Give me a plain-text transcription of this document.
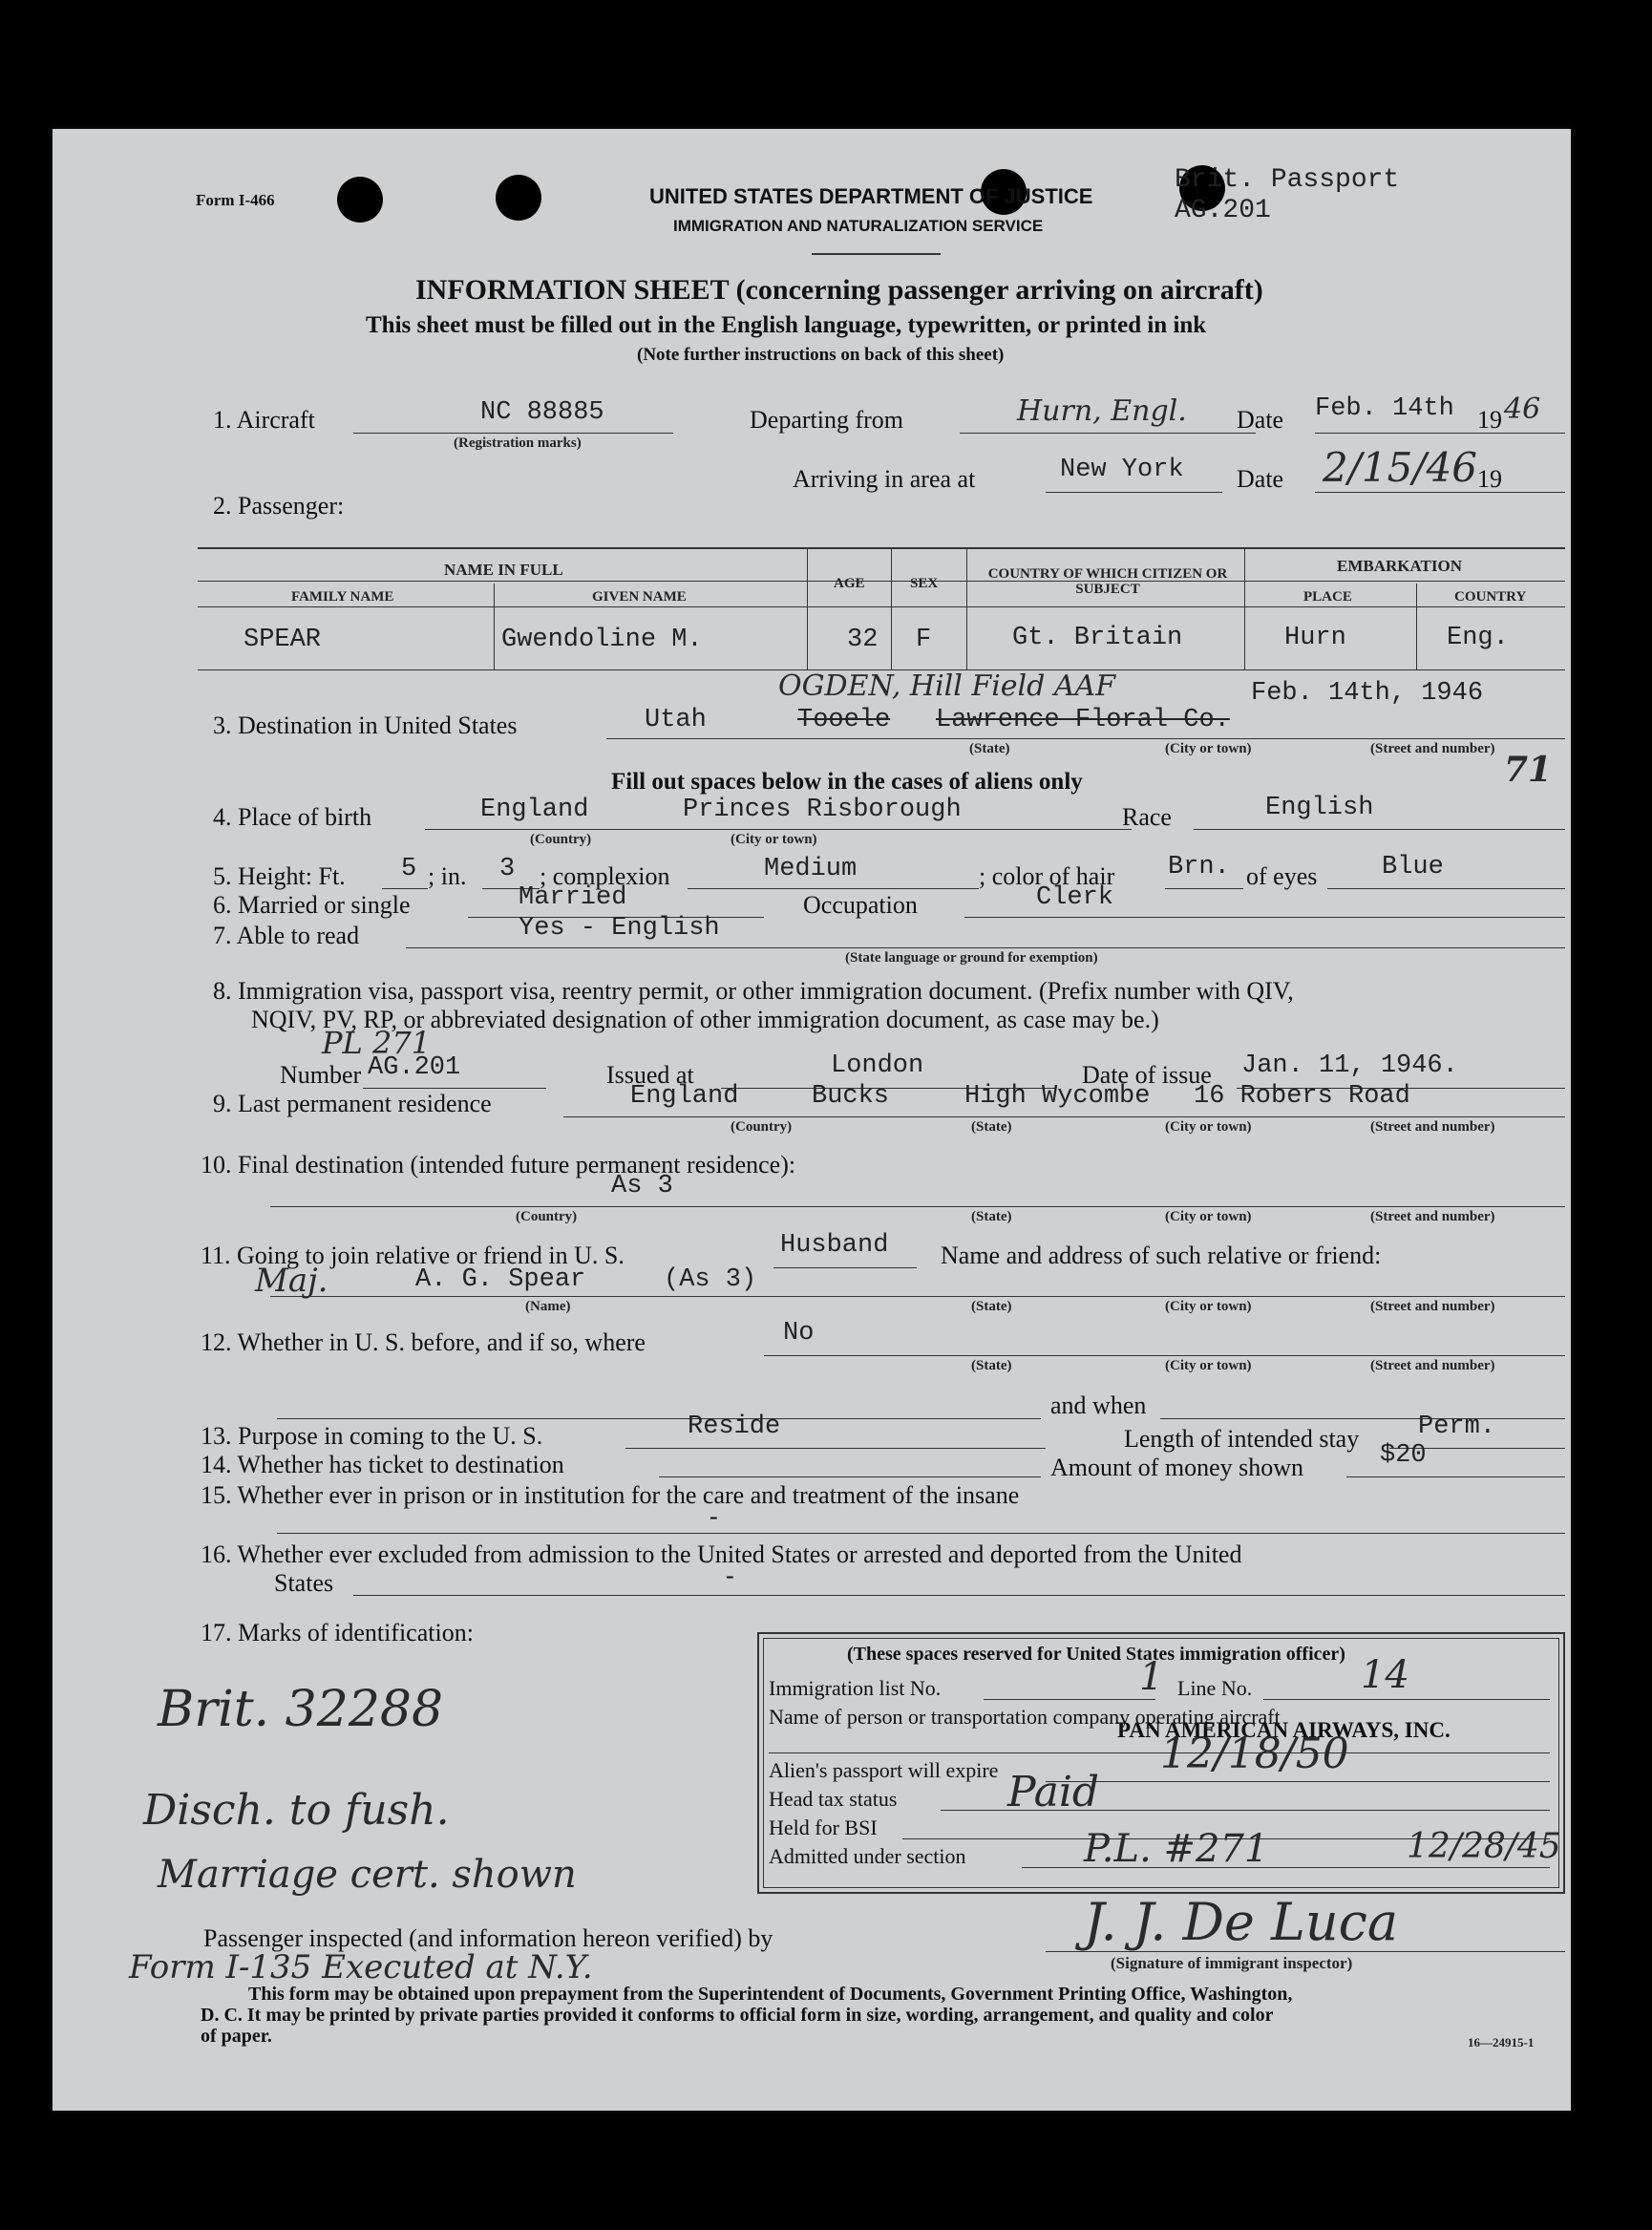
Form I-466	UNITED STATES DEPARTMENT OF JUSTICE
IMMIGRATION AND NATURALIZATION SERVICE
Brit. Passport
AG.201
INFORMATION SHEET (concerning passenger arriving on aircraft)
This sheet must be filled out in the English language, typewritten, or printed in ink
(Note further instructions on back of this sheet)
1. Aircraft	NC 88885
(Registration marks)
Departing from	Hurn, Engl. Date Feb. 14th 19 46
Arriving in area at	New York Date 2/15/46 19
2. Passenger:
NAME IN FULL
FAMILY NAME	GIVEN NAME
AGE	SEX
COUNTRY OF WHICH CITIZEN OR SUBJECT
EMBARKATION
PLACE	COUNTRY
SPEAR	Gwendoline M.	32 F	Gt. Britain	Hurn	Eng.
OGDEN, Hill Field AAF	Feb. 14th, 1946
3. Destination in United States	Utah	Tooele Lawrence Floral Co.
(State)	(City or town)	(Street and number)
71
Fill out spaces below in the cases of aliens only
4. Place of birth	England	Princes Risborough
(Country)	(City or town)
Race	English
5. Height: Ft. 5 ; in. 3 ; complexion	Medium	; color of hair Brn. of eyes	Blue
6. Married or single	Married	Occupation	Clerk
7. Able to read	Yes - English
(State language or ground for exemption)
8. Immigration visa, passport visa, reentry permit, or other immigration document. (Prefix number with QIV,
NQIV, PV, RP, or abbreviated designation of other immigration document, as case may be.)
PL 271
Number AG.201	Issued at	London	Date of issue Jan. 11, 1946.
9. Last permanent residence	England	Bucks	High Wycombe 16 Robers Road
(Country)	(State)	(City or town)	(Street and number)
10. Final destination (intended future permanent residence):
As 3
(Country)	(State)	(City or town)	(Street and number)
11. Going to join relative or friend in U. S.	Husband Name and address of such relative or friend:
Maj.	A. G. Spear	(As 3)
(Name)	(State)	(City or town)	(Street and number)
12. Whether in U. S. before, and if so, where	No
(State)	(City or town)	(Street and number)
and when
13. Purpose in coming to the U. S.	Reside	Length of intended stay Perm.
14. Whether has ticket to destination	Amount of money shown	$20
15. Whether ever in prison or in institution for the care and treatment of the insane
-
16. Whether ever excluded from admission to the United States or arrested and deported from the United
States	-
17. Marks of identification:
Brit. 32288
Disch. to fush.
Marriage cert. shown
(These spaces reserved for United States immigration officer)
Immigration list No.	1 Line No.	14
Name of person or transportation company operating aircraft
PAN AMERICAN AIRWAYS, INC.
Alien's passport will expire	12/18/50
Head tax status	Paid
Held for BSI
Admitted under section	P.L. #271	12/28/45
Passenger inspected (and information hereon verified) by	J. J. De Luca
(Signature of immigrant inspector)
Form I-135 Executed at N.Y.
This form may be obtained upon prepayment from the Superintendent of Documents, Government Printing Office, Washington,
D. C. It may be printed by private parties provided it conforms to official form in size, wording, arrangement, and quality and color
of paper.	16—24915-1
